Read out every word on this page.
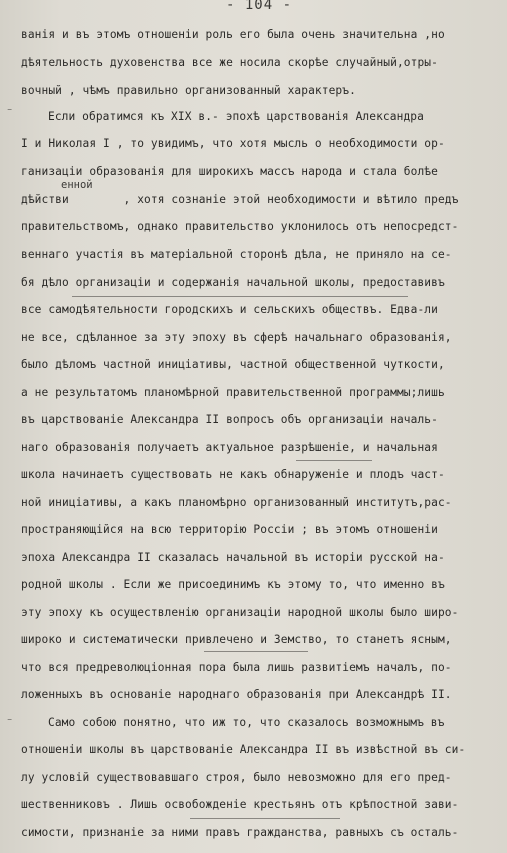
- 104 -
ванія и въ этомъ отношеніи роль его была очень значительна ,но
дѣятельность духовенства все же носила скорѣе случайный,отры-
вочный , чѣмъ правильно организованный характеръ.
Если обратимся къ XIX в.- эпохѣ царствованія Александра
I и Николая I , то увидимъ, что хотя мысль о необходимости ор-
ганизаціи образованія для широкихъ массъ народа и стала болѣе
енной
дѣйстви        , хотя сознаніе этой необходимости и вѣтило предъ
правительствомъ, однако правительство уклонилось отъ непосредст-
веннаго участія въ матеріальной сторонѣ дѣла, не приняло на се-
бя дѣло организаціи и содержанія начальной школы, предоставивъ
все самодѣятельности городскихъ и сельскихъ обществъ. Едва-ли
не все, сдѣланное за эту эпоху въ сферѣ начальнаго образованія,
было дѣломъ частной иниціативы, частной общественной чуткости,
а не результатомъ планомѣрной правительственной программы;лишь
въ царствованіе Александра II вопросъ объ организаціи началь-
наго образованія получаетъ актуальное разрѣшеніе, и начальная
школа начинаетъ существовать не какъ обнаруженіе и плодъ част-
ной иниціативы, а какъ планомѣрно организованный институтъ,рас-
пространяющійся на всю территорію Россіи ; въ этомъ отношеніи
эпоха Александра II сказалась начальной въ исторіи русской на-
родной школы . Если же присоединимъ къ этому то, что именно въ
эту эпоху къ осуществленію организаціи народной школы было широ-
широко и систематически привлечено и Земство, то станетъ ясным,
что вся предреволюціонная пора была лишь развитіемъ началъ, по-
ложенныхъ въ основаніе народнаго образованія при Александрѣ II.
Само собою понятно, что иж то, что сказалось возможнымъ въ
отношеніи школы въ царствованіе Александра II въ извѣстной въ си-
лу условій существовавшаго строя, было невозможно для его пред-
шественниковъ . Лишь освобожденіе крестьянъ отъ крѣпостной зави-
симости, признаніе за ними правъ гражданства, равныхъ съ осталь-
⁻
⁻
